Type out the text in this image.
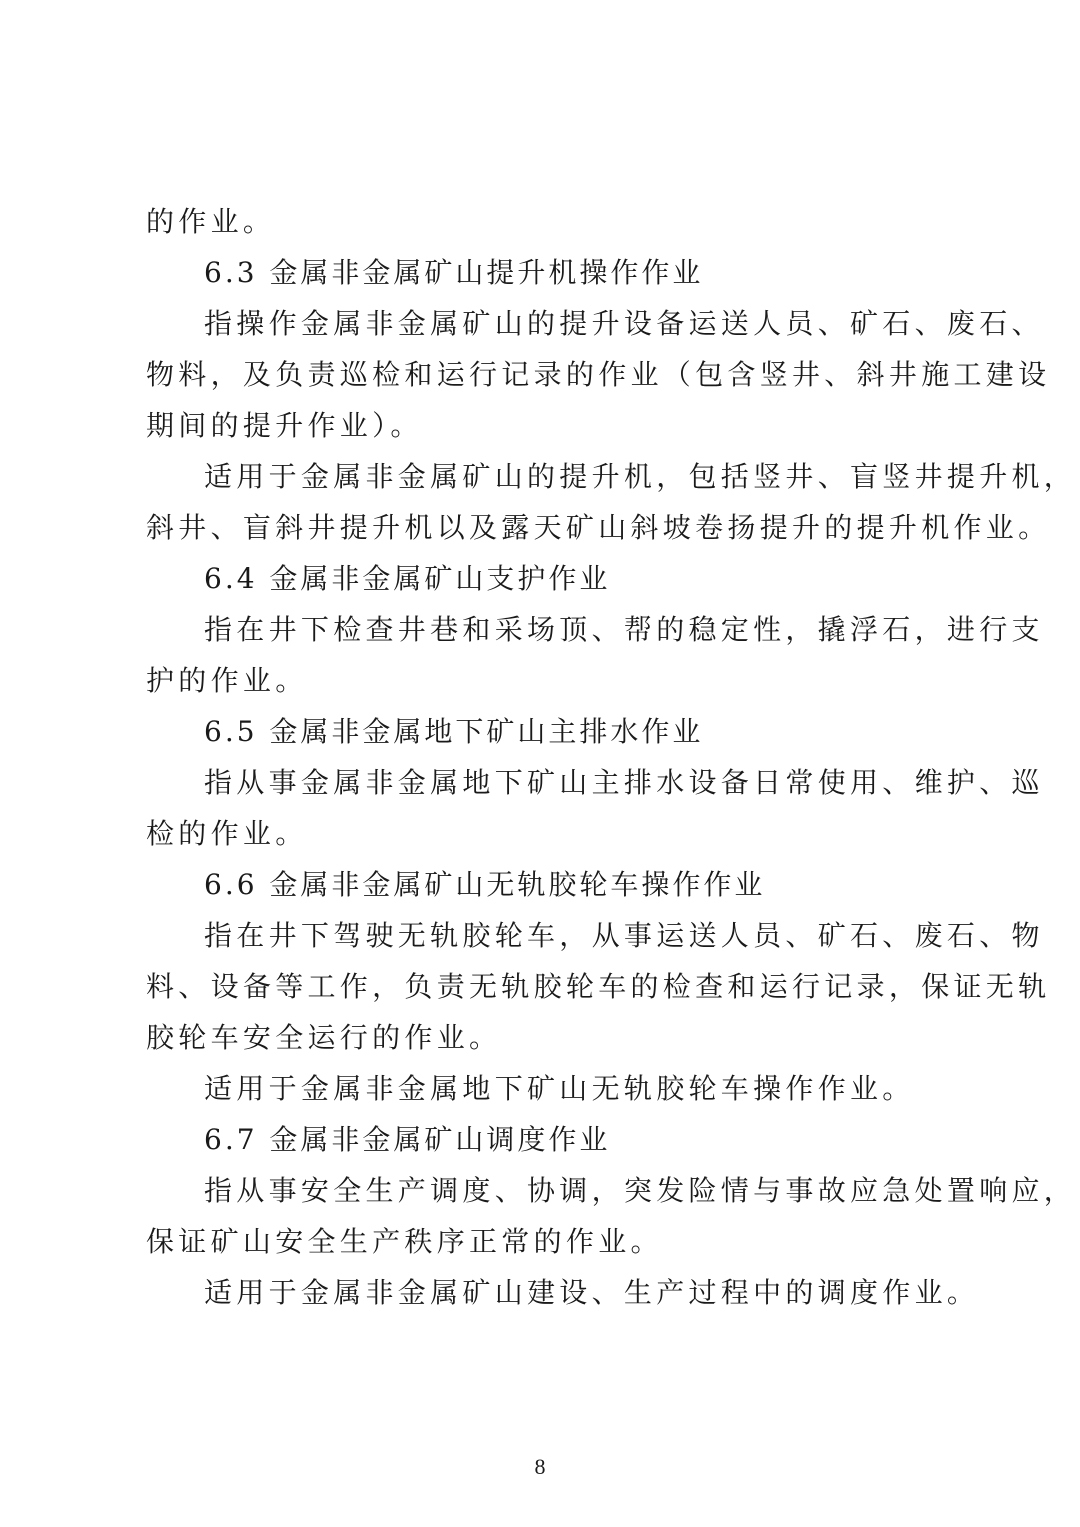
的作业。
6.3 金属非金属矿山提升机操作作业
指操作金属非金属矿山的提升设备运送人员、矿石、废石、
物料，及负责巡检和运行记录的作业（包含竖井、斜井施工建设
期间的提升作业）。
适用于金属非金属矿山的提升机，包括竖井、盲竖井提升机，
斜井、盲斜井提升机以及露天矿山斜坡卷扬提升的提升机作业。
6.4 金属非金属矿山支护作业
指在井下检查井巷和采场顶、帮的稳定性，撬浮石，进行支
护的作业。
6.5 金属非金属地下矿山主排水作业
指从事金属非金属地下矿山主排水设备日常使用、维护、巡
检的作业。
6.6 金属非金属矿山无轨胶轮车操作作业
指在井下驾驶无轨胶轮车，从事运送人员、矿石、废石、物
料、设备等工作，负责无轨胶轮车的检查和运行记录，保证无轨
胶轮车安全运行的作业。
适用于金属非金属地下矿山无轨胶轮车操作作业。
6.7 金属非金属矿山调度作业
指从事安全生产调度、协调，突发险情与事故应急处置响应，
保证矿山安全生产秩序正常的作业。
适用于金属非金属矿山建设、生产过程中的调度作业。
8
